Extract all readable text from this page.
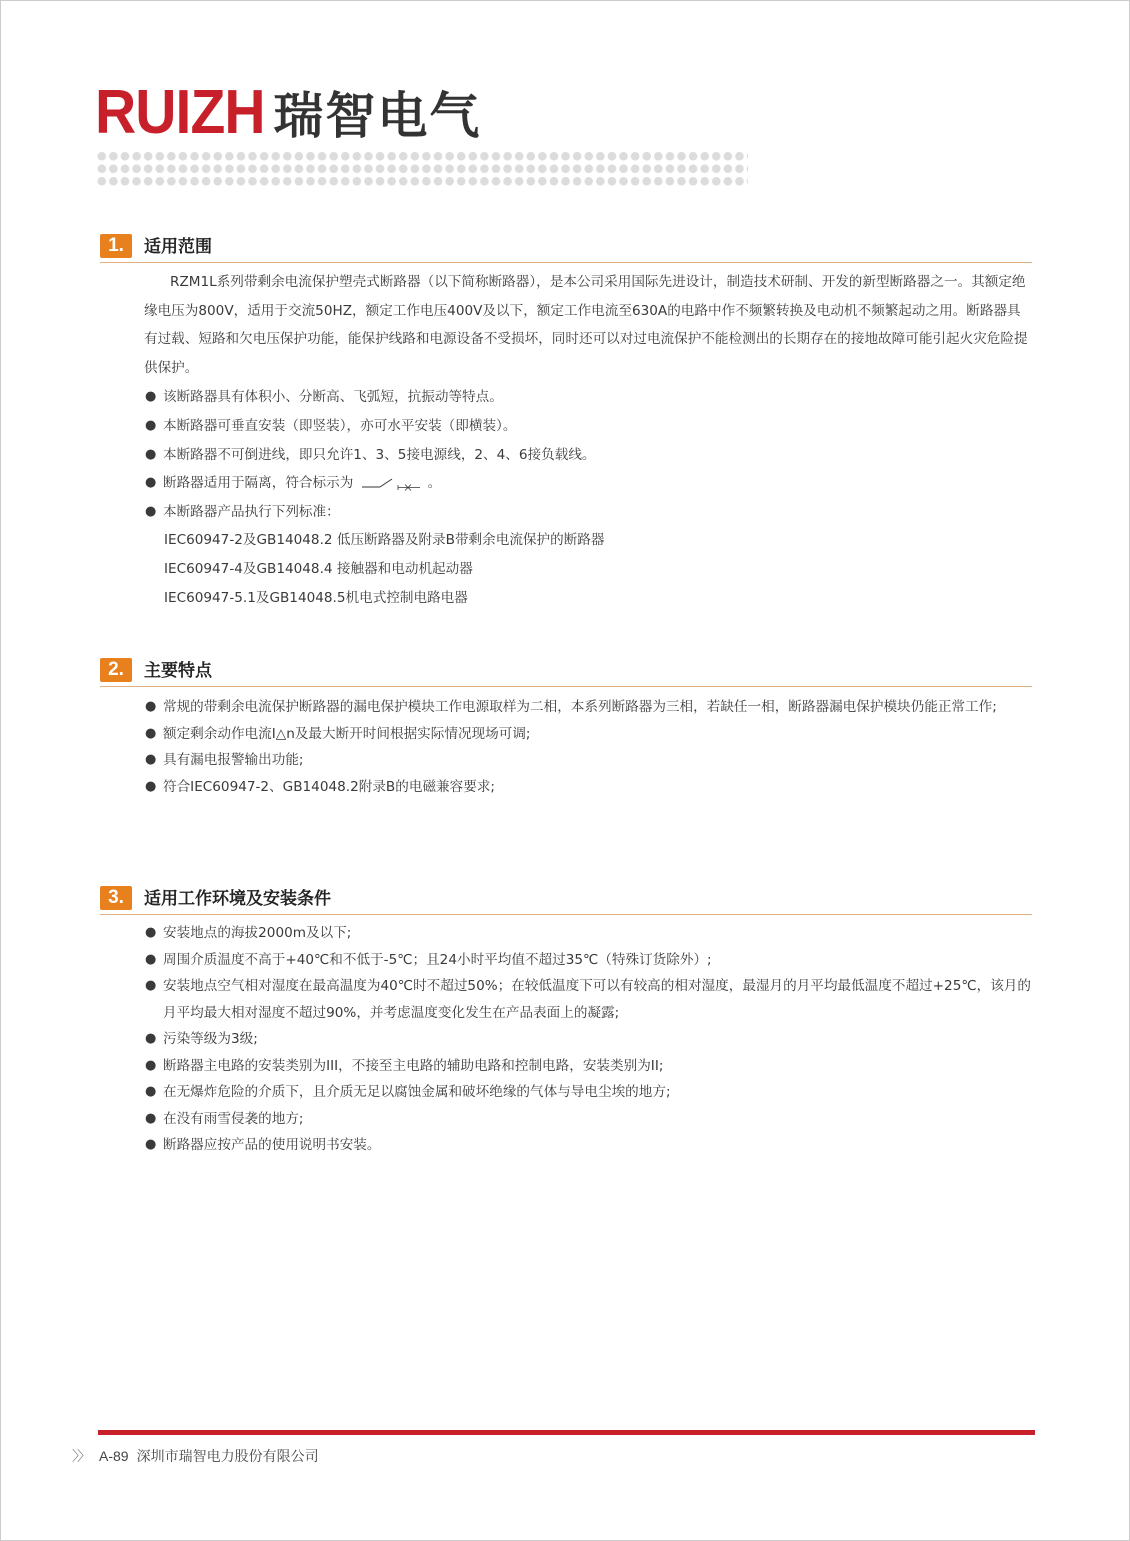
RUIZH 瑞智电气
1.	适用范围

RZM1L系列带剩余电流保护塑壳式断路器（以下简称断路器），是本公司采用国际先进设计，制造技术研制、开发的新型断路器之一。其额定绝缘电压为800V，适用于交流50HZ，额定工作电压400V及以下，额定工作电流至630A的电路中作不频繁转换及电动机不频繁起动之用。断路器具有过载、短路和欠电压保护功能，能保护线路和电源设备不受损坏，同时还可以对过电流保护不能检测出的长期存在的接地故障可能引起火灾危险提供保护。

● 该断路器具有体积小、分断高、飞弧短，抗振动等特点。
● 本断路器可垂直安装（即竖装），亦可水平安装（即横装）。
● 本断路器不可倒进线，即只允许1、3、5接电源线，2、4、6接负载线。
● 断路器适用于隔离，符合标示为	。
● 本断路器产品执行下列标准：
IEC60947-2及GB14048.2 低压断路器及附录B带剩余电流保护的断路器
IEC60947-4及GB14048.4 接触器和电动机起动器
IEC60947-5.1及GB14048.5机电式控制电路电器
2.	主要特点
● 常规的带剩余电流保护断路器的漏电保护模块工作电源取样为二相，本系列断路器为三相，若缺任一相，断路器漏电保护模块仍能正常工作;
● 额定剩余动作电流I△n及最大断开时间根据实际情况现场可调;
● 具有漏电报警输出功能;
● 符合IEC60947-2、GB14048.2附录B的电磁兼容要求;
3.	适用工作环境及安装条件
● 安装地点的海拔2000m及以下;
● 周围介质温度不高于+40℃和不低于-5℃；且24小时平均值不超过35℃（特殊订货除外）;
● 安装地点空气相对湿度在最高温度为40℃时不超过50%；在较低温度下可以有较高的相对湿度，最湿月的月平均最低温度不超过+25℃，该月的月平均最大相对湿度不超过90%，并考虑温度变化发生在产品表面上的凝露;
● 污染等级为3级;
● 断路器主电路的安装类别为III，不接至主电路的辅助电路和控制电路，安装类别为II;
● 在无爆炸危险的介质下，且介质无足以腐蚀金属和破坏绝缘的气体与导电尘埃的地方;
● 在没有雨雪侵袭的地方;
● 断路器应按产品的使用说明书安装。
〉〉 A-89 深圳市瑞智电力股份有限公司
